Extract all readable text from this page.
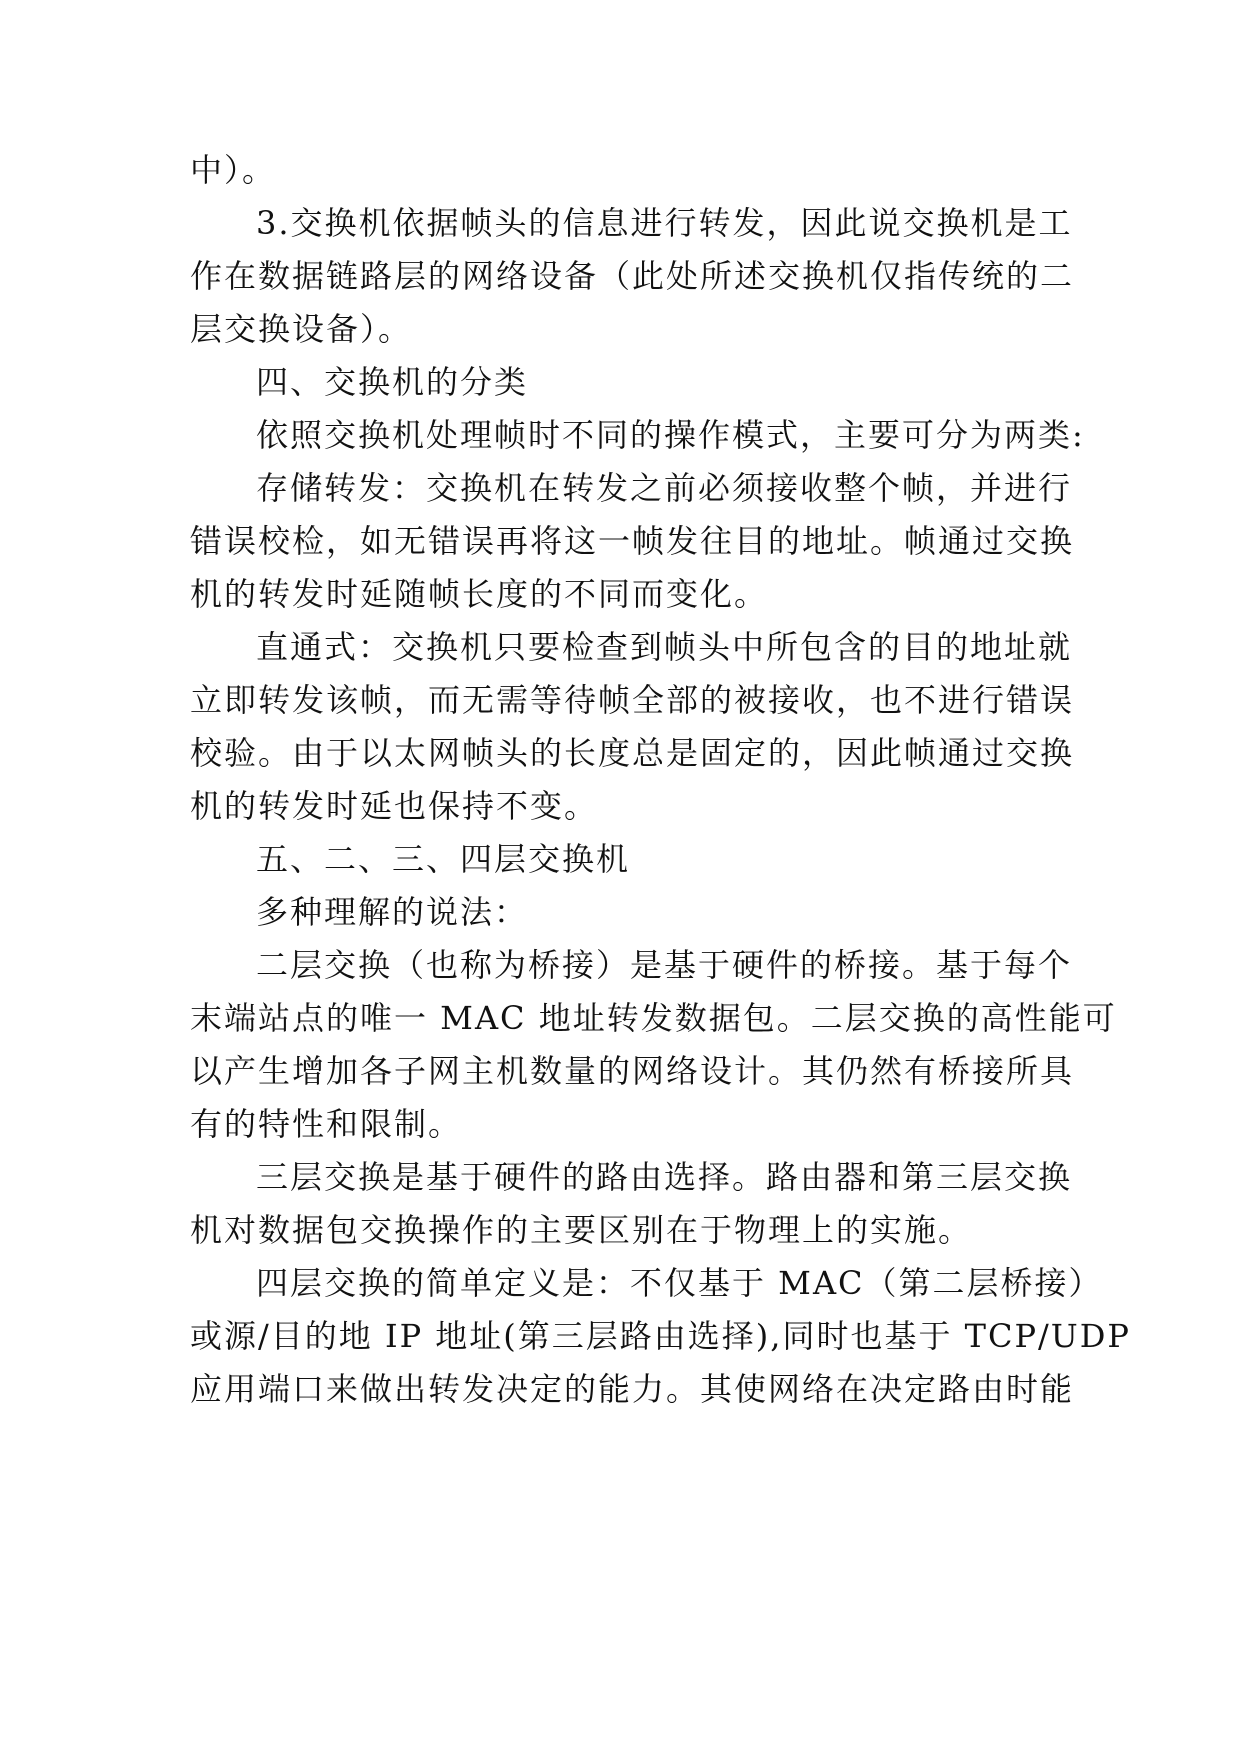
中）。
3.交换机依据帧头的信息进行转发，因此说交换机是工
作在数据链路层的网络设备（此处所述交换机仅指传统的二
层交换设备）。
四、交换机的分类
依照交换机处理帧时不同的操作模式，主要可分为两类:
存储转发：交换机在转发之前必须接收整个帧，并进行
错误校检，如无错误再将这一帧发往目的地址。帧通过交换
机的转发时延随帧长度的不同而变化。
直通式：交换机只要检查到帧头中所包含的目的地址就
立即转发该帧，而无需等待帧全部的被接收，也不进行错误
校验。由于以太网帧头的长度总是固定的，因此帧通过交换
机的转发时延也保持不变。
五、二、三、四层交换机
多种理解的说法：
二层交换（也称为桥接）是基于硬件的桥接。基于每个
末端站点的唯一 MAC 地址转发数据包。二层交换的高性能可
以产生增加各子网主机数量的网络设计。其仍然有桥接所具
有的特性和限制。
三层交换是基于硬件的路由选择。路由器和第三层交换
机对数据包交换操作的主要区别在于物理上的实施。
四层交换的简单定义是：不仅基于 MAC（第二层桥接）
或源/目的地 IP 地址(第三层路由选择),同时也基于 TCP/UDP
应用端口来做出转发决定的能力。其使网络在决定路由时能
